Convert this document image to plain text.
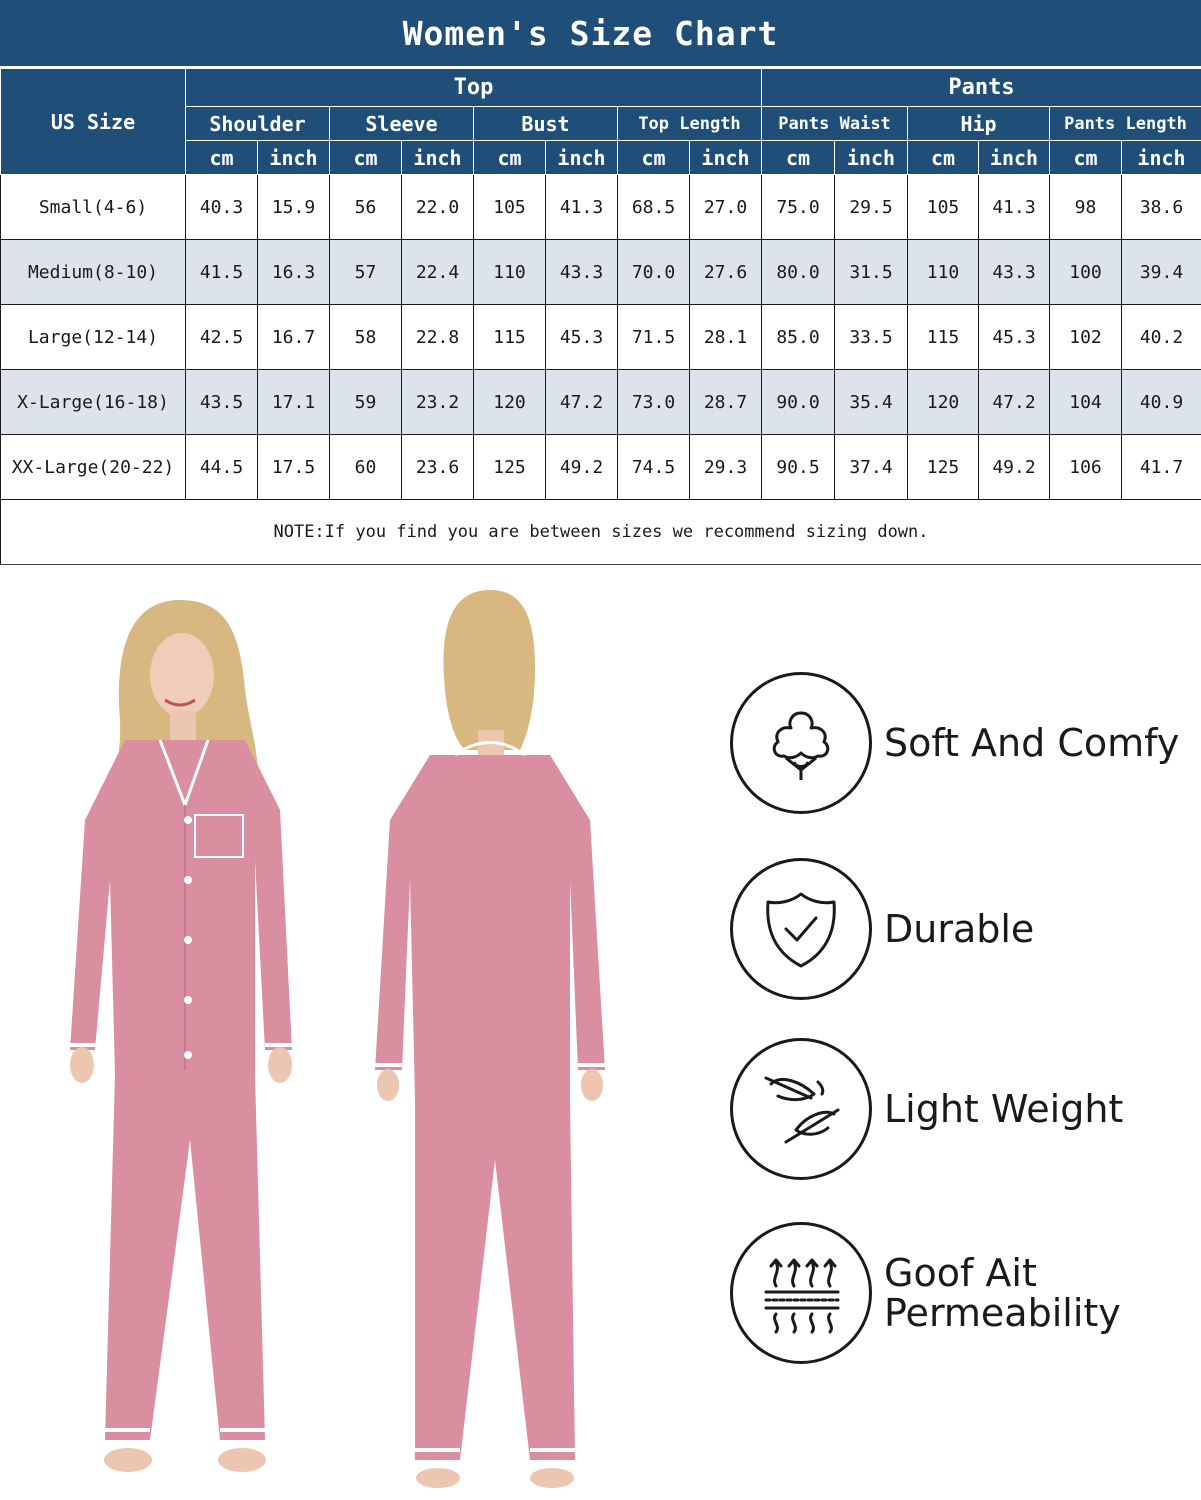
Women's Size Chart
US Size	Top								Pants					
	Shoulder		Sleeve		Bust		Top Length		Pants Waist		Hip		Pants Length	
	cm	inch	cm	inch	cm	inch	cm	inch	cm	inch	cm	inch	cm	inch
Small(4-6)	40.3	15.9	56	22.0	105	41.3	68.5	27.0	75.0	29.5	105	41.3	98	38.6
Medium(8-10)	41.5	16.3	57	22.4	110	43.3	70.0	27.6	80.0	31.5	110	43.3	100	39.4
Large(12-14)	42.5	16.7	58	22.8	115	45.3	71.5	28.1	85.0	33.5	115	45.3	102	40.2
X-Large(16-18)	43.5	17.1	59	23.2	120	47.2	73.0	28.7	90.0	35.4	120	47.2	104	40.9
XX-Large(20-22)	44.5	17.5	60	23.6	125	49.2	74.5	29.3	90.5	37.4	125	49.2	106	41.7
NOTE:If you find you are between sizes we recommend sizing down.														
Soft And Comfy
Durable
Light Weight
Goof Ait
Permeability
